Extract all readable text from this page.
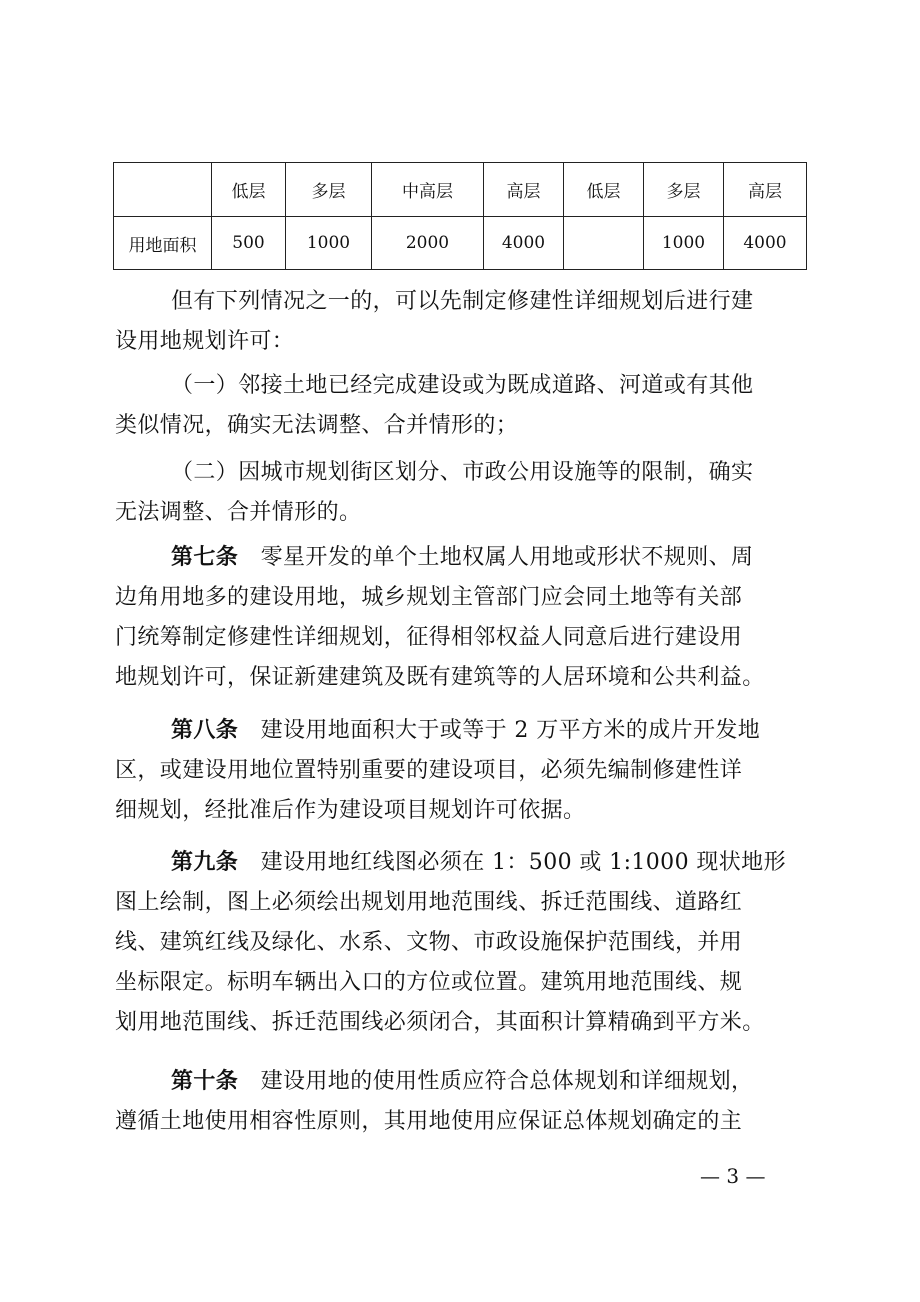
	低层	多层	中高层	高层	低层	多层	高层
用地面积	500	1000	2000	4000		1000	4000
但有下列情况之一的，可以先制定修建性详细规划后进行建
设用地规划许可：
（一）邻接土地已经完成建设或为既成道路、河道或有其他
类似情况，确实无法调整、合并情形的；
（二）因城市规划街区划分、市政公用设施等的限制，确实
无法调整、合并情形的。
第七条　 零星开发的单个土地权属人用地或形状不规则、周
边角用地多的建设用地，城乡规划主管部门应会同土地等有关部
门统筹制定修建性详细规划，征得相邻权益人同意后进行建设用
地规划许可，保证新建建筑及既有建筑等的人居环境和公共利益。
第八条　 建设用地面积大于或等于 2 万平方米的成片开发地
区，或建设用地位置特别重要的建设项目，必须先编制修建性详
细规划，经批准后作为建设项目规划许可依据。
第九条　 建设用地红线图必须在 1：500 或 1:1000 现状地形
图上绘制，图上必须绘出规划用地范围线、拆迁范围线、道路红
线、建筑红线及绿化、水系、文物、市政设施保护范围线，并用
坐标限定。标明车辆出入口的方位或位置。建筑用地范围线、规
划用地范围线、拆迁范围线必须闭合，其面积计算精确到平方米。
第十条　 建设用地的使用性质应符合总体规划和详细规划，
遵循土地使用相容性原则，其用地使用应保证总体规划确定的主
— 3 —
